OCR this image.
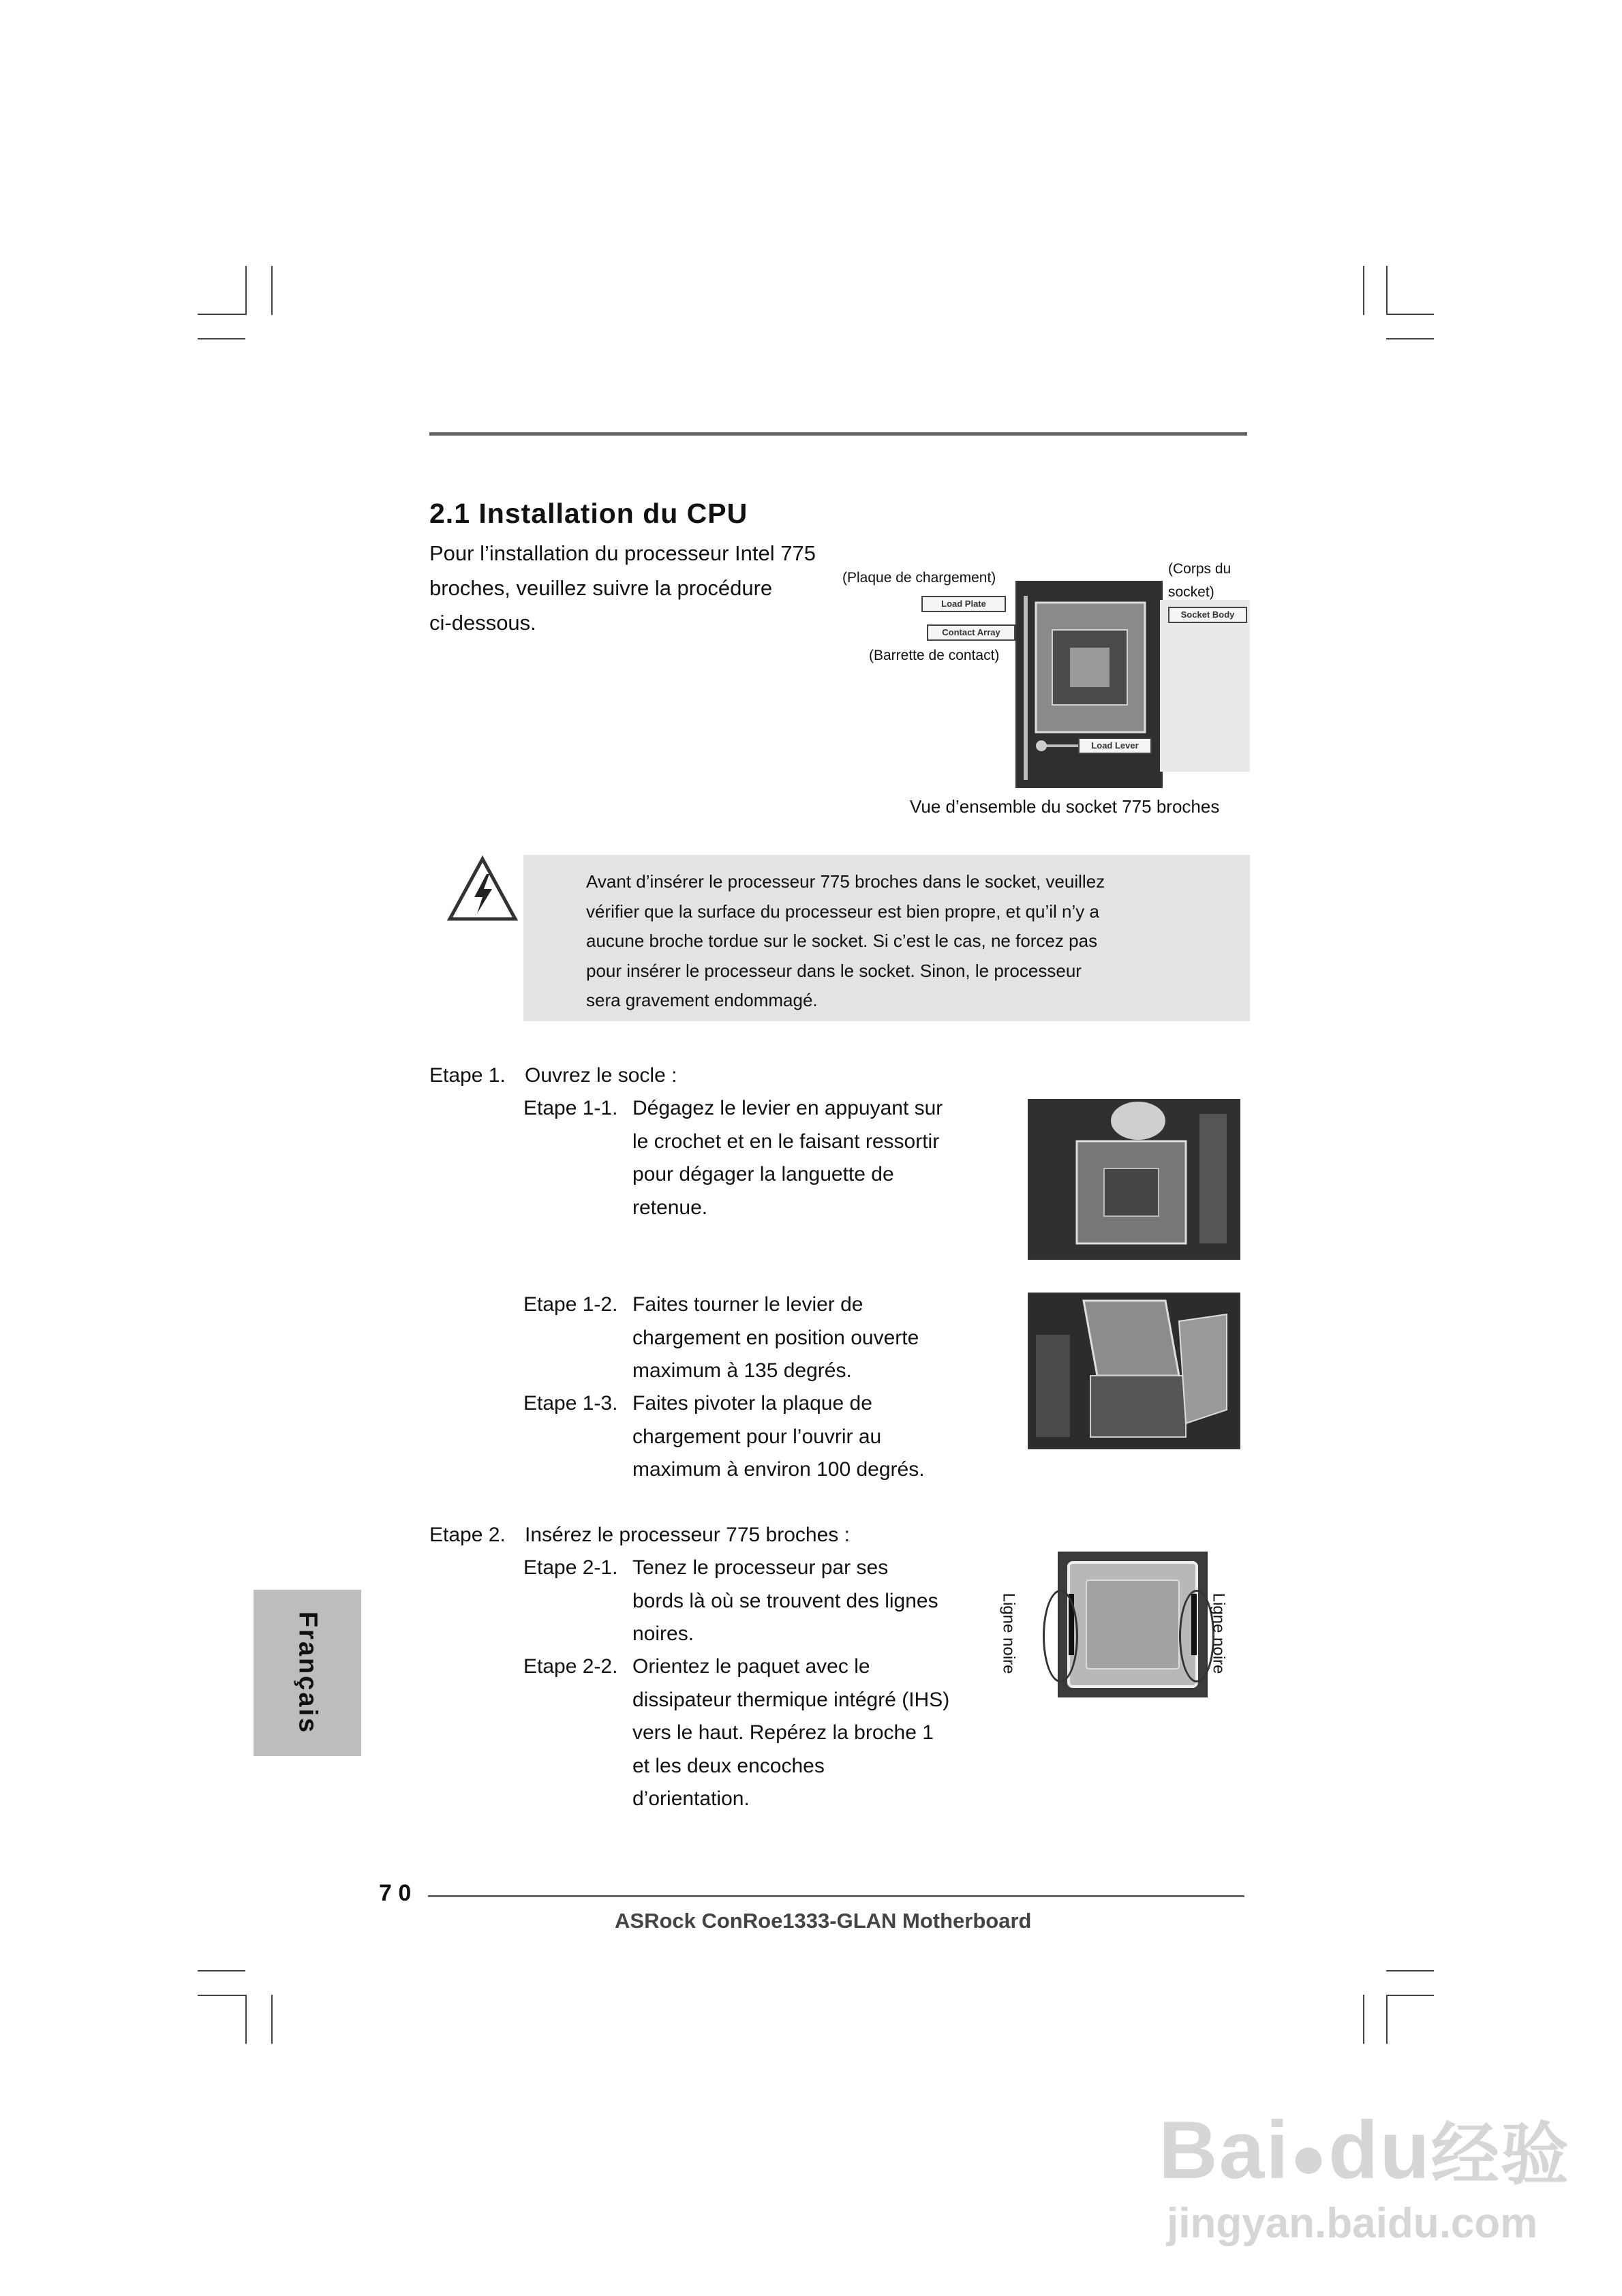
2.1 Installation du CPU
Pour l’installation du processeur Intel 775
broches, veuillez suivre la procédure
ci-dessous.
(Plaque de chargement)
(Barrette de contact)
(Corps du
socket)
Load Plate
Contact Array
Socket Body
Load Lever
Vue d’ensemble du socket 775 broches
Avant d’insérer le processeur 775 broches dans le socket, veuillez
vérifier que la surface du processeur est bien propre, et qu’il n’y a
aucune broche tordue sur le socket. Si c’est le cas, ne forcez pas
pour insérer le processeur dans le socket. Sinon, le processeur
sera gravement endommagé.
Etape 1. Ouvrez le socle :
Etape 1-1. Dégagez le levier en appuyant sur
le crochet et en le faisant ressortir
pour dégager la languette de
retenue.
Etape 1-2. Faites tourner le levier de
chargement en position ouverte
maximum à 135 degrés.
Etape 1-3. Faites pivoter la plaque de
chargement pour l’ouvrir au
maximum à environ 100 degrés.
Etape 2. Insérez le processeur 775 broches :
Etape 2-1. Tenez le processeur par ses
bords là où se trouvent des lignes
noires.
Etape 2-2. Orientez le paquet avec le
dissipateur thermique intégré (IHS)
vers le haut. Repérez la broche 1
et les deux encoches
d’orientation.
Ligne noire	Ligne noire
Français
7 0
ASRock ConRoe1333-GLAN Motherboard
Bai●du经验
jingyan.baidu.com
